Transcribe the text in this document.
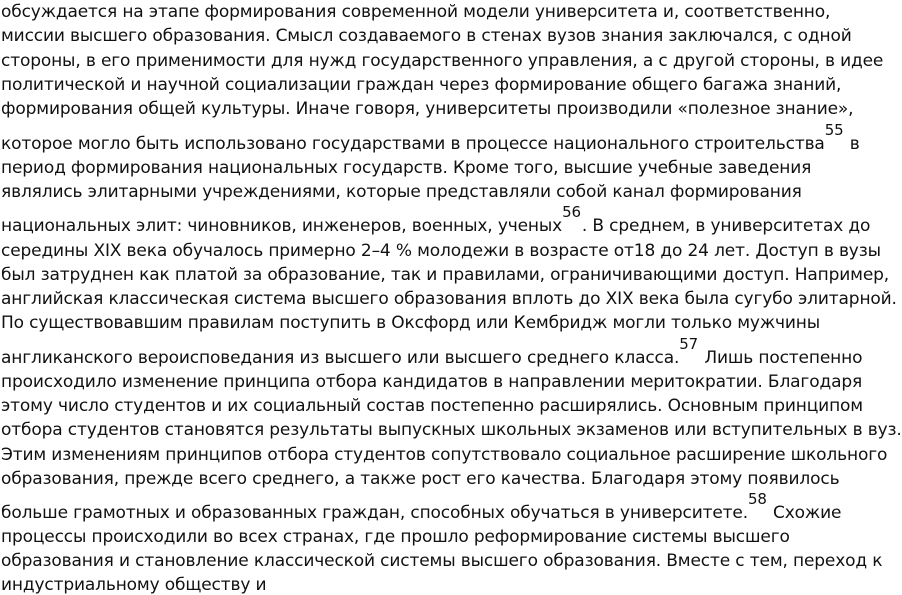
обсуждается на этапе формирования современной модели университета и, соответственно,
миссии высшего образования. Смысл создаваемого в стенах вузов знания заключался, с одной
стороны, в его применимости для нужд государственного управления, а с другой стороны, в идее
политической и научной социализации граждан через формирование общего багажа знаний,
формирования общей культуры. Иначе говоря, университеты производили «полезное знание»,
которое могло быть использовано государствами в процессе национального строительства55 в
период формирования национальных государств. Кроме того, высшие учебные заведения
являлись элитарными учреждениями, которые представляли собой канал формирования
национальных элит: чиновников, инженеров, военных, ученых56. В среднем, в университетах до
середины XIX века обучалось примерно 2–4 % молодежи в возрасте от18 до 24 лет. Доступ в вузы
был затруднен как платой за образование, так и правилами, ограничивающими доступ. Например,
английская классическая система высшего образования вплоть до XIX века была сугубо элитарной.
По существовавшим правилам поступить в Оксфорд или Кембридж могли только мужчины
англиканского вероисповедания из высшего или высшего среднего класса.57 Лишь постепенно
происходило изменение принципа отбора кандидатов в направлении меритократии. Благодаря
этому число студентов и их социальный состав постепенно расширялись. Основным принципом
отбора студентов становятся результаты выпускных школьных экзаменов или вступительных в вуз.
Этим изменениям принципов отбора студентов сопутствовало социальное расширение школьного
образования, прежде всего среднего, а также рост его качества. Благодаря этому появилось
больше грамотных и образованных граждан, способных обучаться в университете.58 Схожие
процессы происходили во всех странах, где прошло реформирование системы высшего
образования и становление классической системы высшего образования. Вместе с тем, переход к
индустриальному обществу и
